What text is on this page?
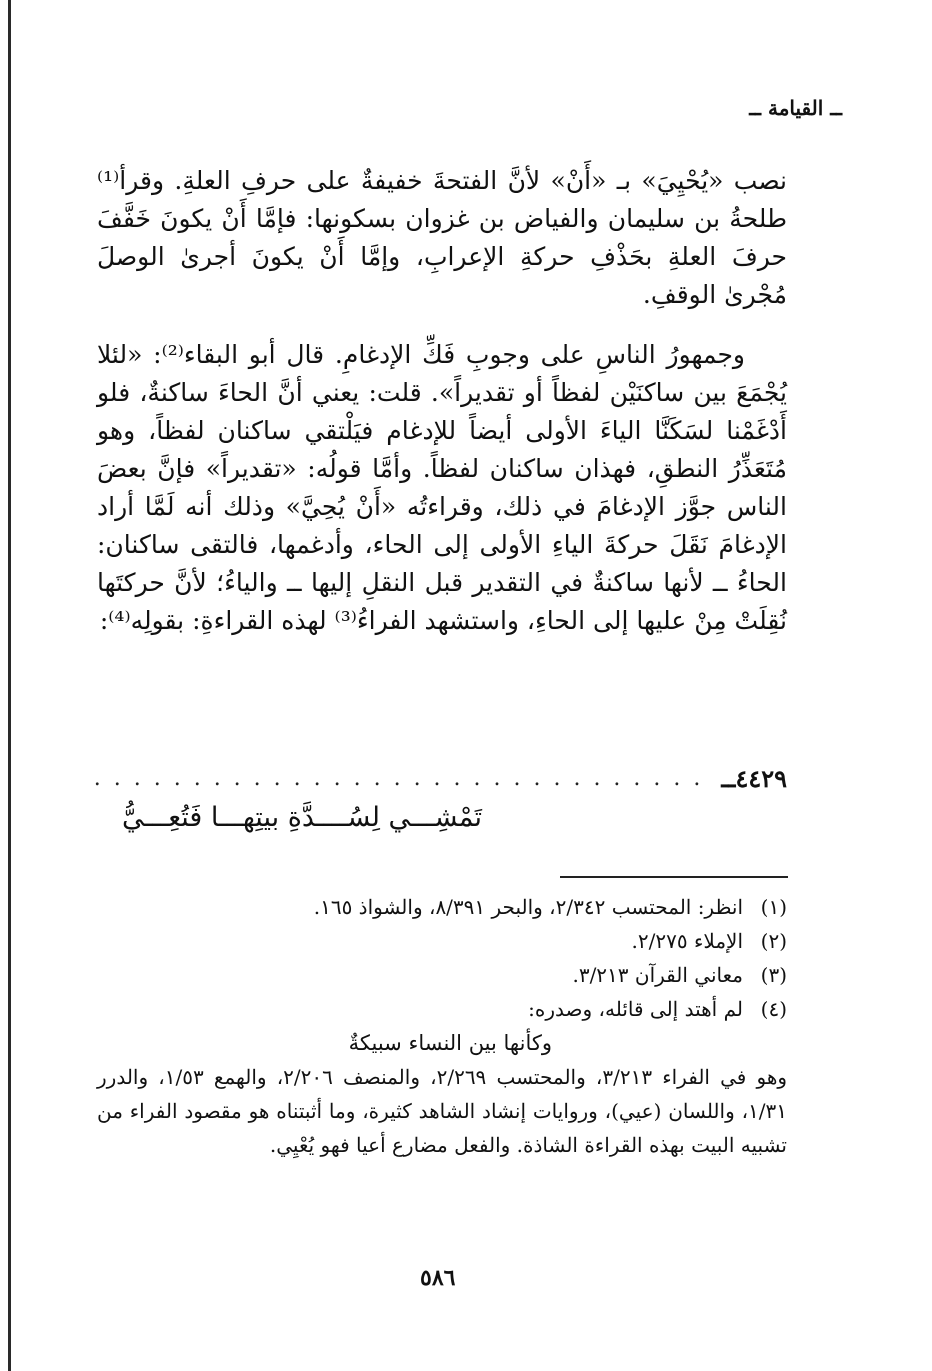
ــ القيامة ــ

نصب «يُحْيِيَ» بـ «أَنْ» لأنَّ الفتحةَ خفيفةٌ على حرفِ العلةِ. وقرأ⁽¹⁾ طلحةُ بن سليمان والفياض بن غزوان بسكونها: فإمَّا أَنْ يكونَ خَفَّفَ حرفَ العلةِ بحَذْفِ حركةِ الإعرابِ، وإمَّا أَنْ يكونَ أجرىٰ الوصلَ مُجْرىٰ الوقفِ.

وجمهورُ الناسِ على وجوبِ فَكِّ الإدغامِ. قال أبو البقاء⁽²⁾: «لئلا يُجْمَعَ بين ساكنَيْن لفظاً أو تقديراً». قلت: يعني أنَّ الحاءَ ساكنةٌ، فلو أَدْغَمْنا لسَكَنَّا الياءَ الأولى أيضاً للإدغام فيَلْتقي ساكنان لفظاً، وهو مُتَعَذِّرُ النطقِ، فهذان ساكنان لفظاً. وأمَّا قولُه: «تقديراً» فإنَّ بعضَ الناس جوَّز الإدغامَ في ذلك، وقراءتُه «أَنْ يُحِيَّ» وذلك أنه لَمَّا أراد الإدغامَ نَقَلَ حركةَ الياءِ الأولى إلى الحاء، وأدغمها، فالتقى ساكنان: الحاءُ ــ لأنها ساكنةٌ في التقدير قبل النقلِ إليها ــ والياءُ؛ لأنَّ حركتَها نُقِلَتْ مِنْ عليها إلى الحاءِ، واستشهد الفراءُ⁽³⁾ لهذه القراءةِ: بقولِه⁽⁴⁾:

٤٤٢٩ــ
. . . . . . . . . . . . . . . . . . . . . . . . . . . . . . .
تَمْشِـــي لِسُــــدَّةِ بيتِهـــا فَتُعِـــيُّ
(١)
انظر: المحتسب ٢/٣٤٢، والبحر ٨/٣٩١، والشواذ ١٦٥.
(٢)
الإملاء ٢/٢٧٥.
(٣)
معاني القرآن ٣/٢١٣.
(٤)
لم أهتد إلى قائله، وصدره:
وكأنها بين النساء سبيكةٌ
وهو في الفراء ٣/٢١٣، والمحتسب ٢/٢٦٩، والمنصف ٢/٢٠٦، والهمع ١/٥٣، والدرر ١/٣١، واللسان (عيي)، وروايات إنشاد الشاهد كثيرة، وما أثبتناه هو مقصود الفراء من تشبيه البيت بهذه القراءة الشاذة. والفعل مضارع أعيا فهو يُعْيِي.
٥٨٦
